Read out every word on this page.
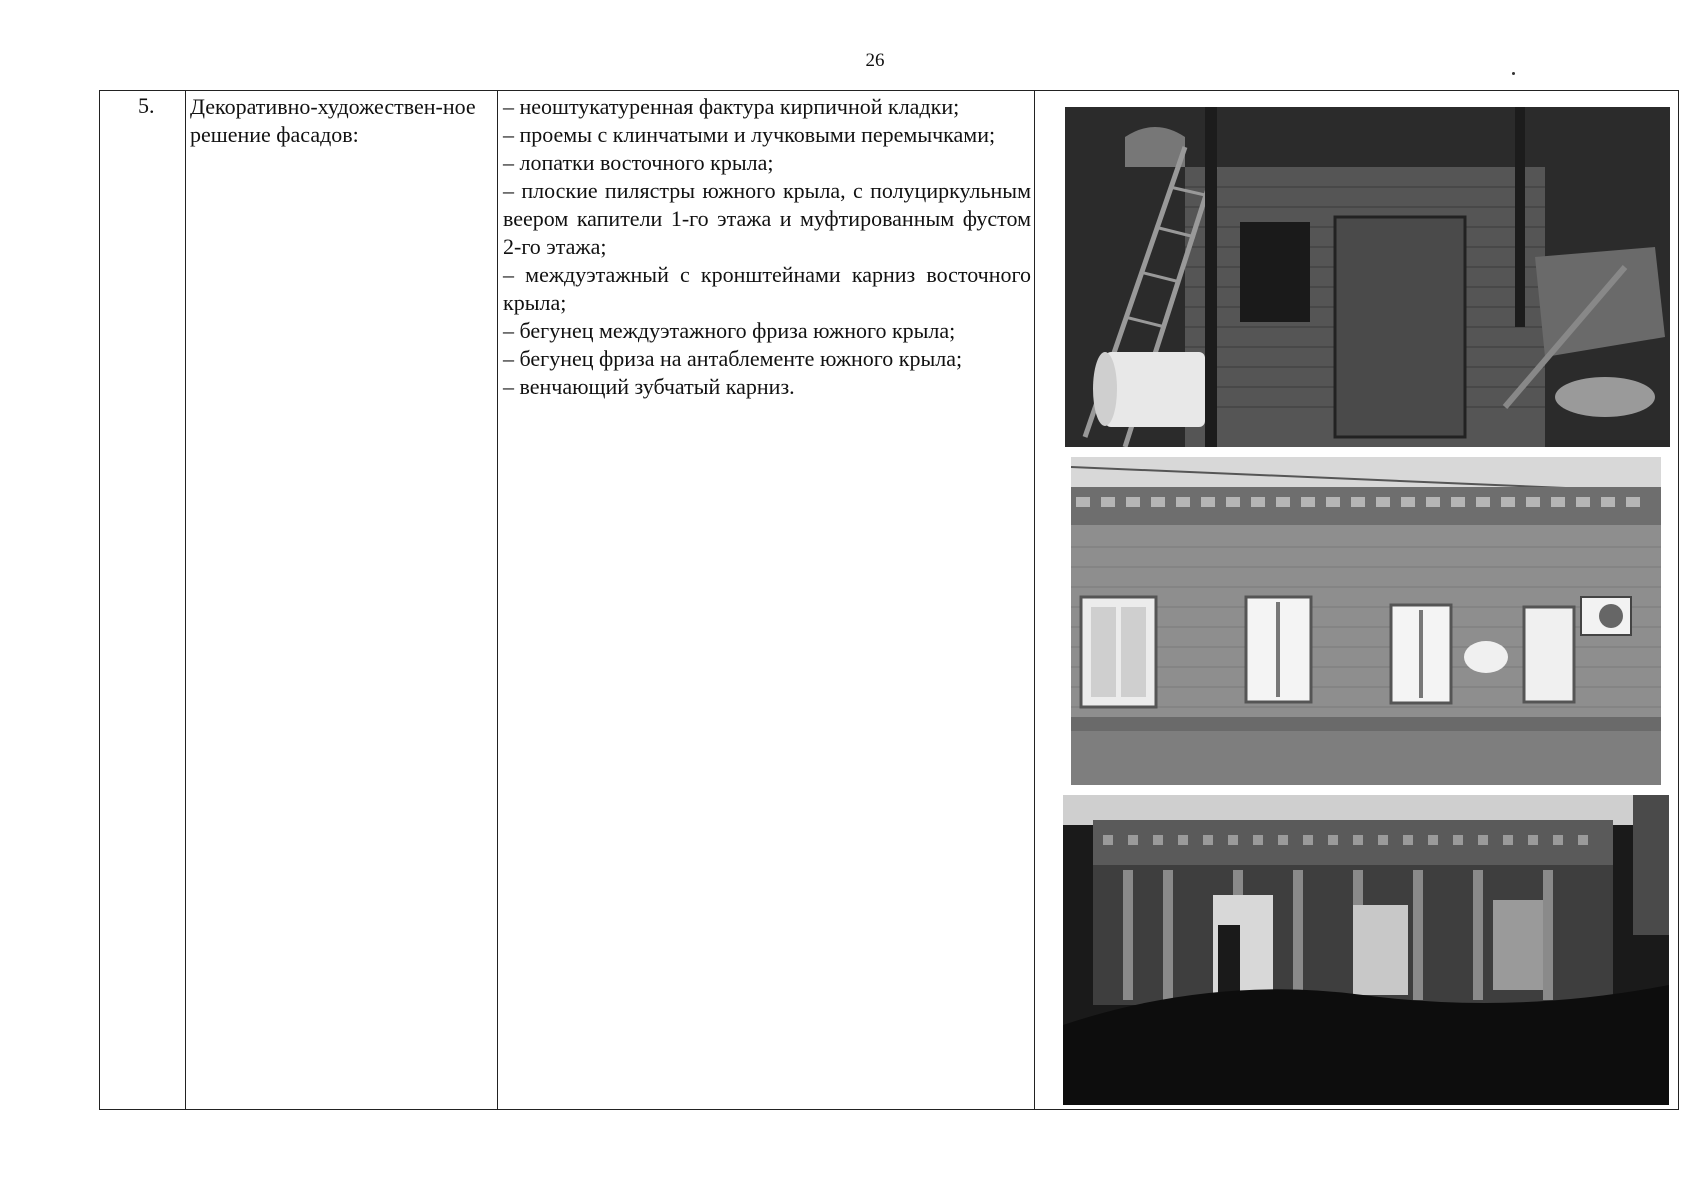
26
5. Декоративно-художествен-ное решение фасадов:
– неоштукатуренная фактура кирпичной кладки;
– проемы с клинчатыми и лучковыми перемычками;
– лопатки восточного крыла;
– плоские пилястры южного крыла, с полуциркульным веером капители 1-го этажа и муфтированным фустом 2-го этажа;
– междуэтажный с кронштейнами карниз восточного крыла;
– бегунец междуэтажного фриза южного крыла;
– бегунец фриза на антаблементе южного крыла;
– венчающий зубчатый карниз.
